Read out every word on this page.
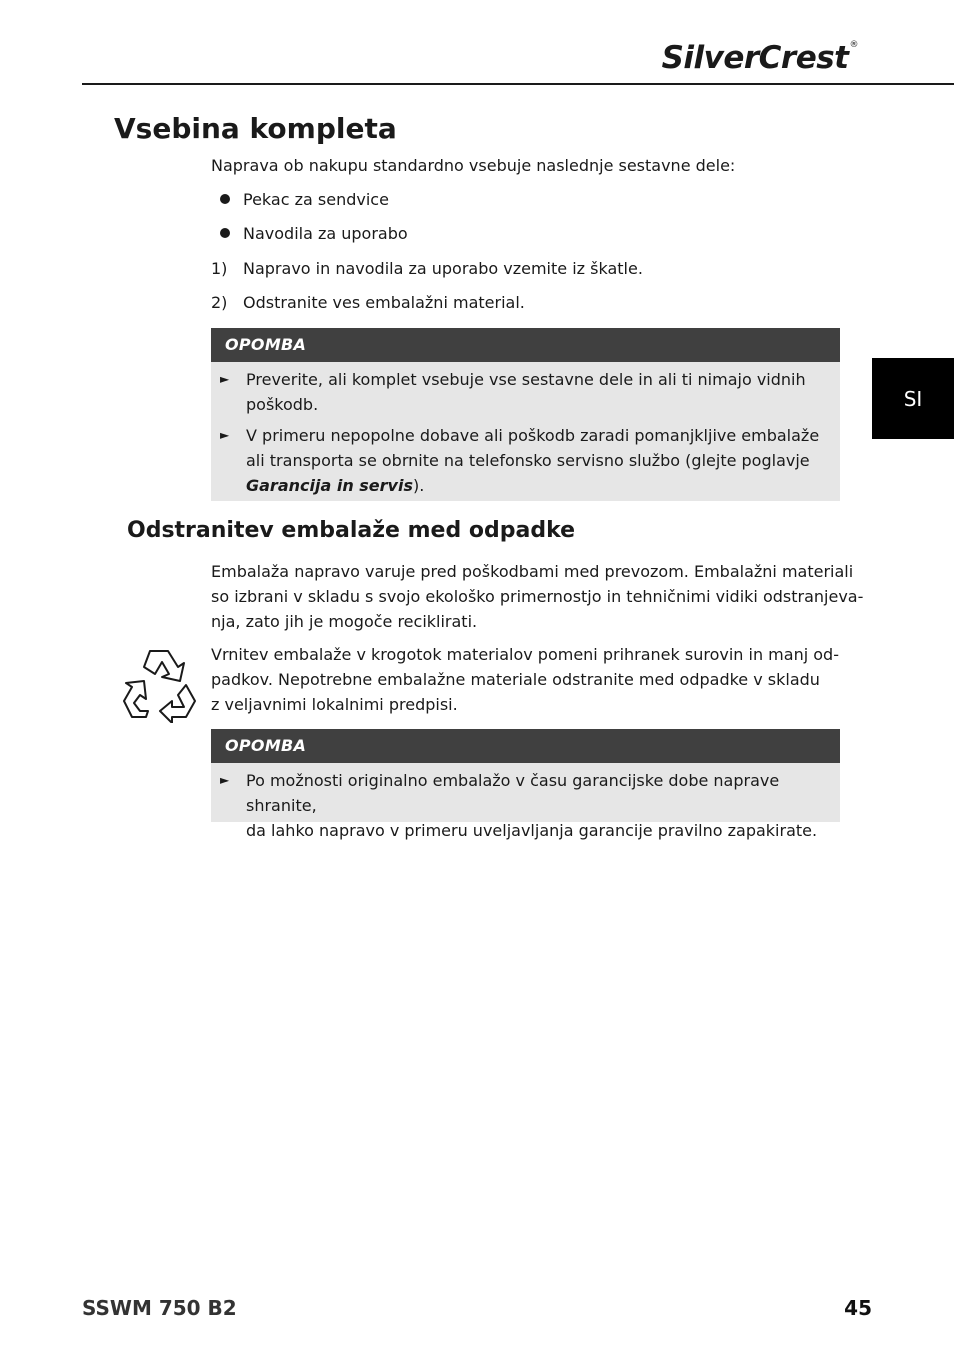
SilverCrest®
SI
Vsebina kompleta
Naprava ob nakupu standardno vsebuje naslednje sestavne dele:
Pekac za sendvice
Navodila za uporabo
1) Napravo in navodila za uporabo vzemite iz škatle.
2) Odstranite ves embalažni material.
OPOMBA
► Preverite, ali komplet vsebuje vse sestavne dele in ali ti nimajo vidnih
poškodb.
► V primeru nepopolne dobave ali poškodb zaradi pomanjkljive embalaže
ali transporta se obrnite na telefonsko servisno službo (glejte poglavje
Garancija in servis).
Odstranitev embalaže med odpadke
Embalaža napravo varuje pred poškodbami med prevozom. Embalažni materiali
so izbrani v skladu s svojo ekološko primernostjo in tehničnimi vidiki odstranjeva-
nja, zato jih je mogoče reciklirati.
Vrnitev embalaže v krogotok materialov pomeni prihranek surovin in manj od-
padkov. Nepotrebne embalažne materiale odstranite med odpadke v skladu
z veljavnimi lokalnimi predpisi.
OPOMBA
► Po možnosti originalno embalažo v času garancijske dobe naprave shranite,
da lahko napravo v primeru uveljavljanja garancije pravilno zapakirate.
SSWM 750 B2	45
